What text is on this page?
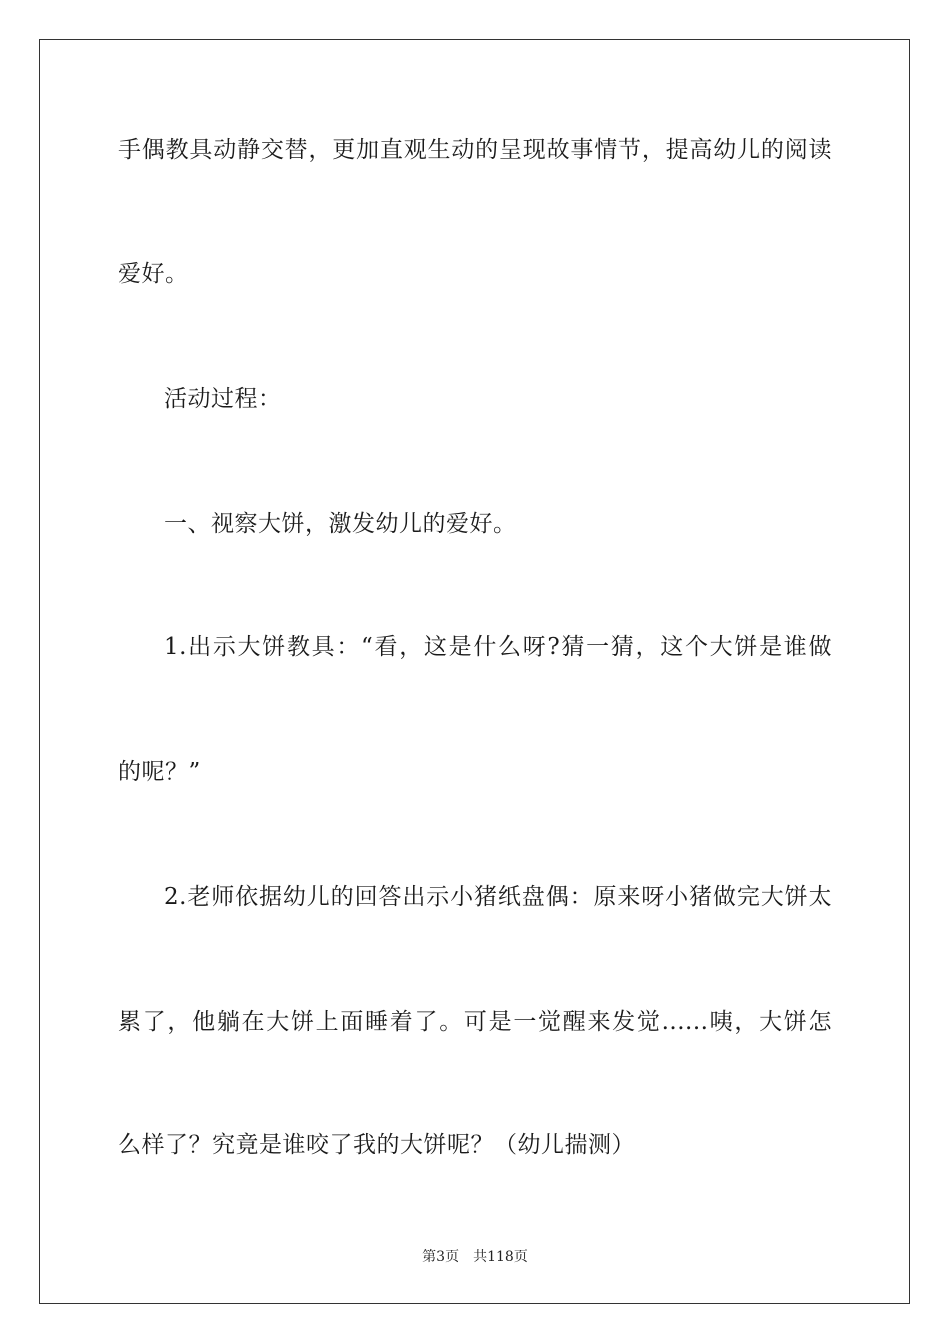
手偶教具动静交替，更加直观生动的呈现故事情节，提高幼儿的阅读
爱好。
活动过程：
一、视察大饼，激发幼儿的爱好。
1.出示大饼教具：“看，这是什么呀?猜一猜，这个大饼是谁做
的呢？”
2.老师依据幼儿的回答出示小猪纸盘偶：原来呀小猪做完大饼太
累了，他躺在大饼上面睡着了。可是一觉醒来发觉......咦，大饼怎
么样了？究竟是谁咬了我的大饼呢？（幼儿揣测）
第3页 共118页
